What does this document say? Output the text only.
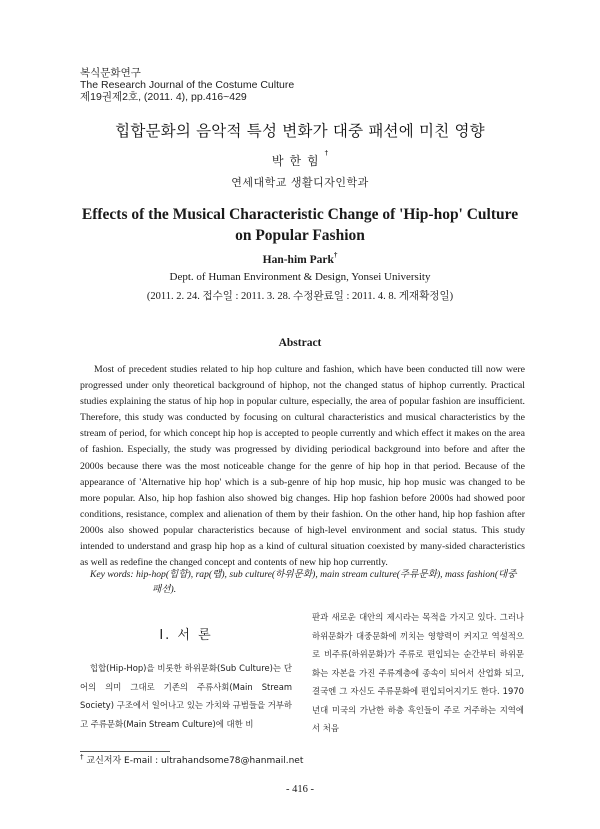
복식문화연구
The Research Journal of the Costume Culture
제19권제2호, (2011. 4), pp.416~429
힙합문화의 음악적 특성 변화가 대중 패션에 미친 영향
박한힘†
연세대학교 생활디자인학과
Effects of the Musical Characteristic Change of 'Hip-hop' Culture
on Popular Fashion
Han-him Park†
Dept. of Human Environment & Design, Yonsei University
(2011. 2. 24. 접수일 : 2011. 3. 28. 수정완료일 : 2011. 4. 8. 게재확정일)
Abstract

Most of precedent studies related to hip hop culture and fashion, which have been conducted till now were progressed under only theoretical background of hiphop, not the changed status of hiphop currently. Practical studies explaining the status of hip hop in popular culture, especially, the area of popular fashion are insufficient. Therefore, this study was conducted by focusing on cultural characteristics and musical characteristics by the stream of period, for which concept hip hop is accepted to people currently and which effect it makes on the area of fashion. Especially, the study was progressed by dividing periodical background into before and after the 2000s because there was the most noticeable change for the genre of hip hop in that period. Because of the appearance of 'Alternative hip hop' which is a sub-genre of hip hop music, hip hop music was changed to be more popular. Also, hip hop fashion also showed big changes. Hip hop fashion before 2000s had showed poor conditions, resistance, complex and alienation of them by their fashion. On the other hand, hip hop fashion after 2000s also showed popular characteristics because of high-level environment and social status. This study intended to understand and grasp hip hop as a kind of cultural situation coexisted by many-sided characteristics as well as redefine the changed concept and contents of new hip hop currently.

Key words: hip-hop(힙합), rap(랩), sub culture(하위문화), main stream culture(주류문화), mass fashion(대중
패션).
Ⅰ. 서 론

힙합(Hip-Hop)을 비롯한 하위문화(Sub Culture)는 단어의 의미 그대로 기존의 주류사회(Main Stream Society) 구조에서 일어나고 있는 가치와 규범들을 거부하고 주류문화(Main Stream Culture)에 대한 비

판과 새로운 대안의 제시라는 목적을 가지고 있다. 그러나 하위문화가 대중문화에 끼치는 영향력이 커지고 역설적으로 비주류(하위문화)가 주류로 편입되는 순간부터 하위문화는 자본을 가진 주류계층에 종속이 되어서 산업화 되고, 결국엔 그 자신도 주류문화에 편입되어지기도 한다. 1970년대 미국의 가난한 하층 흑인들이 주로 거주하는 지역에서 처음

† 교신저자 E-mail : ultrahandsome78@hanmail.net
- 416 -
